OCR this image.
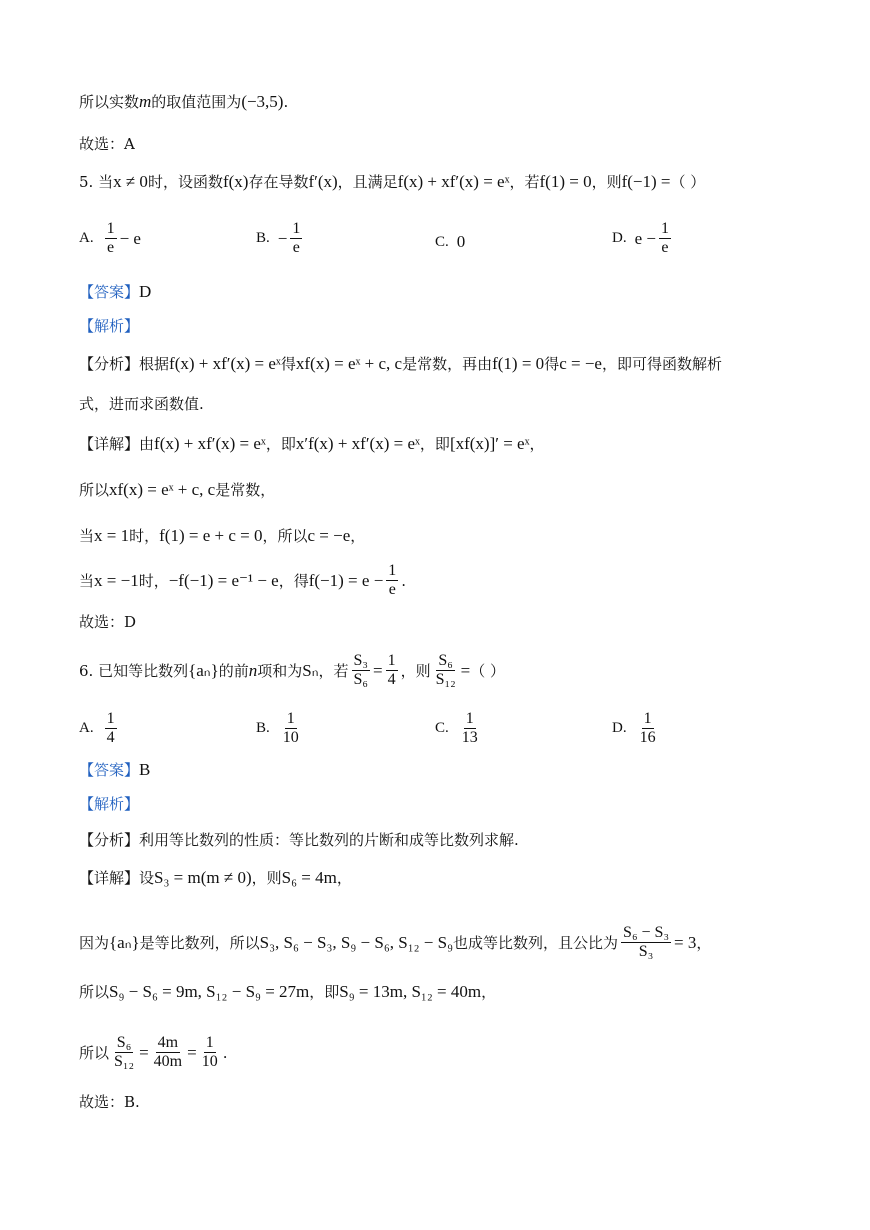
所以实数 m 的取值范围为 (−3,5) .
故选：A
5. 当 x ≠ 0 时，设函数 f(x) 存在导数 f′(x) ，且满足 f(x) + xf′(x) = eˣ ，若 f(1) = 0 ，则 f(−1) = （ ）
A. $\frac{1}{e} - e$	B. − $\frac{1}{e}$	C. 0	D. $e - \frac{1}{e}$
【答案】 D
【解析】
【分析】 根据 f(x) + xf′(x) = eˣ 得 xf(x) = eˣ + c, c 是常数，再由 f(1) = 0 得 c = −e ，即可得函数解析
式，进而求函数值.
【详解】 由 f(x) + xf′(x) = eˣ ，即 x′f(x) + xf′(x) = eˣ ，即 [xf(x)]′ = eˣ ，
所以 xf(x) = eˣ + c, c 是常数，
当 x = 1 时， f(1) = e + c = 0 ，所以 c = −e ，
当 x = −1 时， −f(−1) = e⁻¹ − e ，得 $f(-1) = e - \frac{1}{e}$ .
故选：D
6. 已知等比数列 {aₙ} 的前 n 项和为 Sₙ ，若 $\frac{\text{S₃}}{\text{S₆}} = \frac{1}{4}$ ，则 $\frac{\text{S₆}}{\text{S₁₂}}$ = （ ）
A. $\frac{1}{4}$	B. $\frac{1}{10}$	C. $\frac{1}{13}$	D. $\frac{1}{16}$
【答案】 B
【解析】
【分析】 利用等比数列的性质：等比数列的片断和成等比数列求解.
【详解】 设 S₃ = m(m ≠ 0) ，则 S₆ = 4m ，
因为 {aₙ} 是等比数列，所以 S₃, S₆ − S₃, S₉ − S₆, S₁₂ − S₉ 也成等比数列，且公比为 $\frac{\text{S₆ − S₃}}{\text{S₃}} = 3$ ，
所以 S₉ − S₆ = 9m, S₁₂ − S₉ = 27m ，即 S₉ = 13m, S₁₂ = 40m ，
所以 $\frac{\text{S₆}}{\text{S₁₂}} = \frac{4m}{40m} = \frac{1}{10}$ .
故选：B.
